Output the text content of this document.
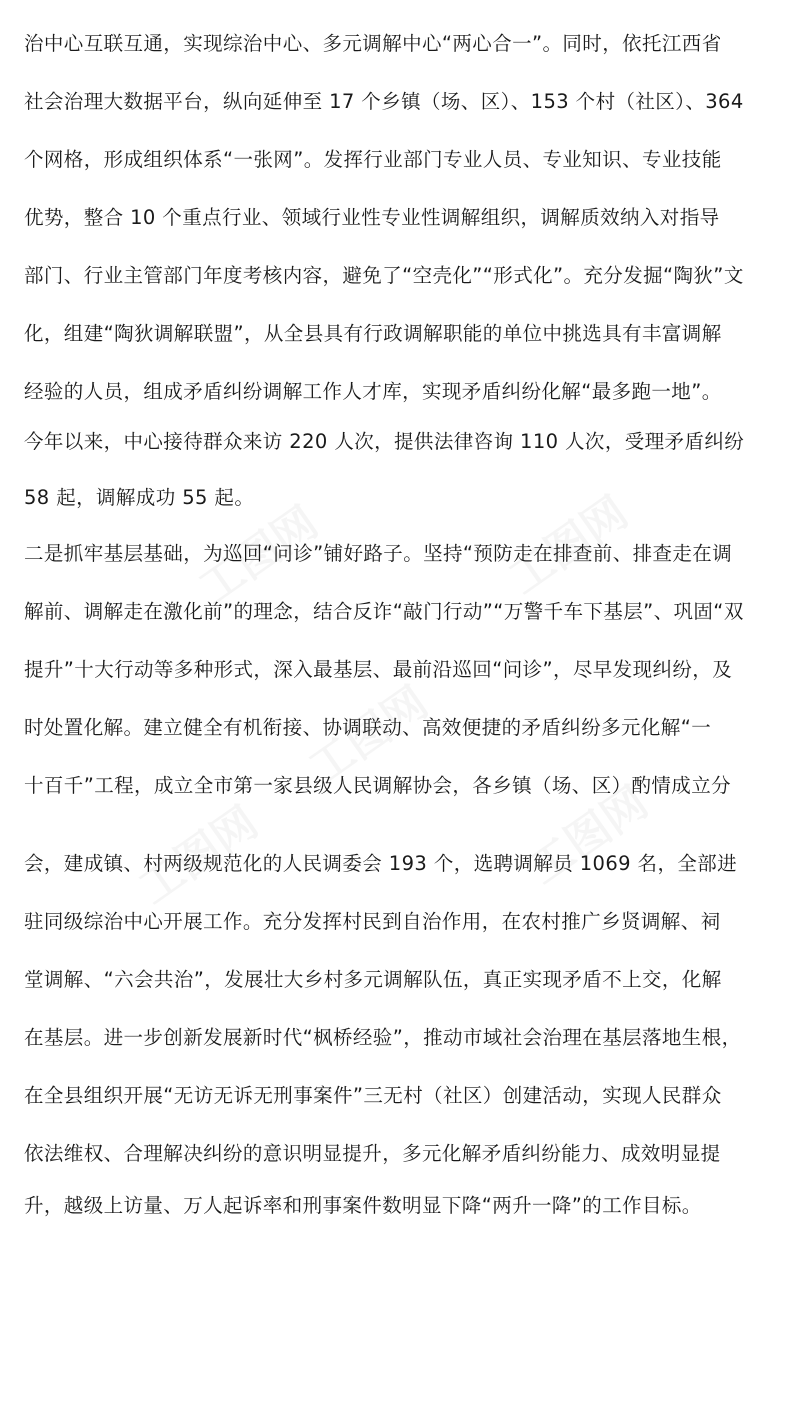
治中心互联互通，实现综治中心、多元调解中心“两心合一”。同时，依托江西省
社会治理大数据平台，纵向延伸至 17 个乡镇（场、区）、153 个村（社区）、364
个网格，形成组织体系“一张网”。发挥行业部门专业人员、专业知识、专业技能
优势，整合 10 个重点行业、领域行业性专业性调解组织，调解质效纳入对指导
部门、行业主管部门年度考核内容，避免了“空壳化”“形式化”。充分发掘“陶狄”文
化，组建“陶狄调解联盟”，从全县具有行政调解职能的单位中挑选具有丰富调解
经验的人员，组成矛盾纠纷调解工作人才库，实现矛盾纠纷化解“最多跑一地”。
今年以来，中心接待群众来访 220 人次，提供法律咨询 110 人次，受理矛盾纠纷
58 起，调解成功 55 起。
二是抓牢基层基础，为巡回“问诊”铺好路子。坚持“预防走在排查前、排查走在调
解前、调解走在激化前”的理念，结合反诈“敲门行动”“万警千车下基层”、巩固“双
提升”十大行动等多种形式，深入最基层、最前沿巡回“问诊”，尽早发现纠纷，及
时处置化解。建立健全有机衔接、协调联动、高效便捷的矛盾纠纷多元化解“一
十百千”工程，成立全市第一家县级人民调解协会，各乡镇（场、区）酌情成立分
会，建成镇、村两级规范化的人民调委会 193 个，选聘调解员 1069 名，全部进
驻同级综治中心开展工作。充分发挥村民到自治作用，在农村推广乡贤调解、祠
堂调解、“六会共治”，发展壮大乡村多元调解队伍，真正实现矛盾不上交，化解
在基层。进一步创新发展新时代“枫桥经验”，推动市域社会治理在基层落地生根，
在全县组织开展“无访无诉无刑事案件”三无村（社区）创建活动，实现人民群众
依法维权、合理解决纠纷的意识明显提升，多元化解矛盾纠纷能力、成效明显提
升，越级上访量、万人起诉率和刑事案件数明显下降“两升一降”的工作目标。
